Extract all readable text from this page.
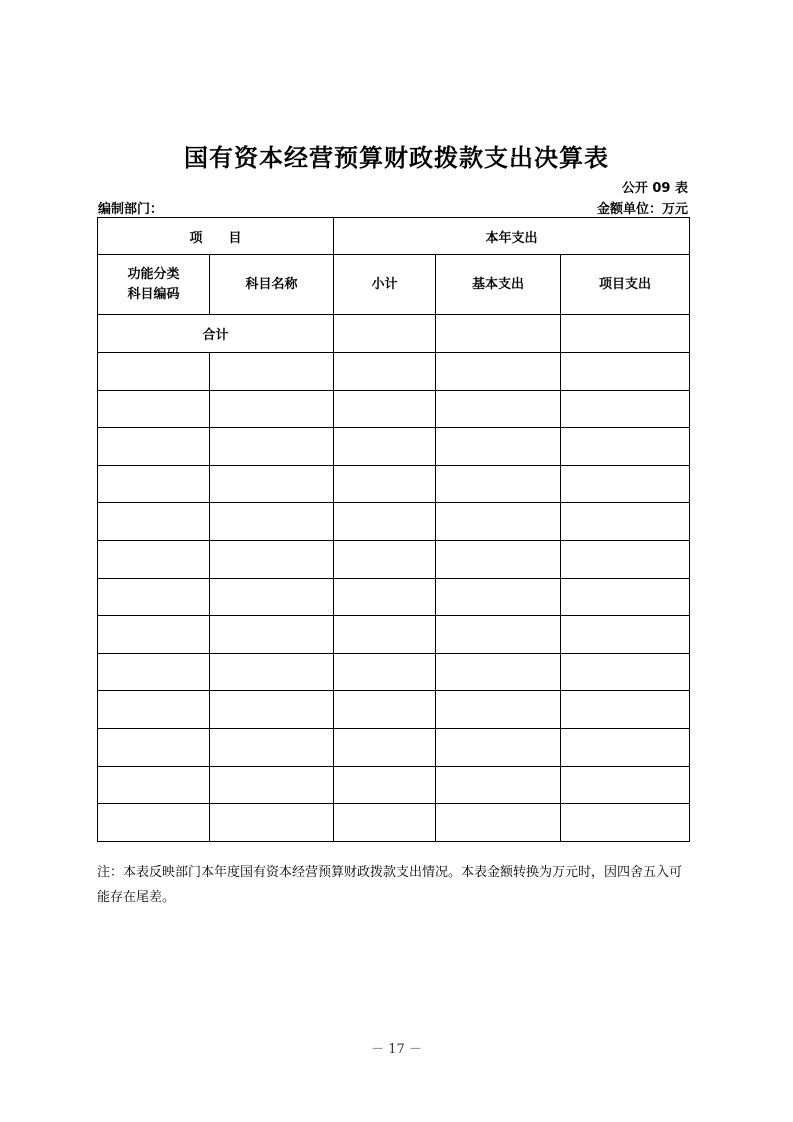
国有资本经营预算财政拨款支出决算表
公开 09 表
编制部门：	金额单位：万元
项　　目		本年支出		
功能分类
科目编码	科目名称	小计	基本支出	项目支出
合计				

注：本表反映部门本年度国有资本经营预算财政拨款支出情况。本表金额转换为万元时，因四舍五入可能存在尾差。
－ 17 －
